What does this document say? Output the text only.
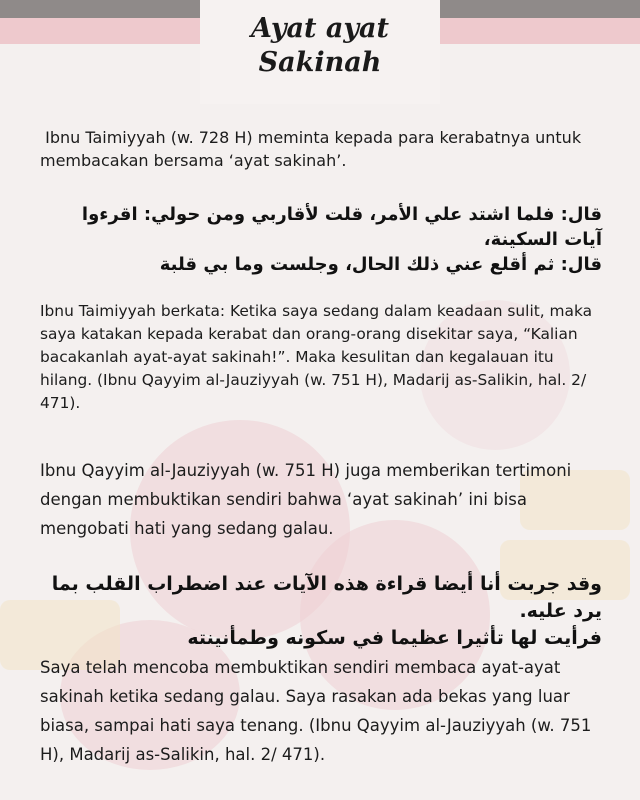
Ayat ayat
Sakinah

Ibnu Taimiyyah (w. 728 H) meminta kepada para kerabatnya untuk membacakan bersama ‘ayat sakinah’.

قال: فلما اشتد علي الأمر، قلت لأقاربي ومن حولي: اقرءوا آيات السكينة،
قال: ثم أقلع عني ذلك الحال، وجلست وما بي قلبة

Ibnu Taimiyyah berkata: Ketika saya sedang dalam keadaan sulit, maka saya katakan kepada kerabat dan orang-orang disekitar saya, “Kalian bacakanlah ayat-ayat sakinah!”. Maka kesulitan dan kegalauan itu hilang. (Ibnu Qayyim al-Jauziyyah (w. 751 H), Madarij as-Salikin, hal. 2/ 471).

Ibnu Qayyim al-Jauziyyah (w. 751 H) juga memberikan tertimoni dengan membuktikan sendiri bahwa ‘ayat sakinah’ ini bisa mengobati hati yang sedang galau.

وقد جربت أنا أيضا قراءة هذه الآيات عند اضطراب القلب بما يرد عليه.
فرأيت لها تأثيرا عظيما في سكونه وطمأنينته

Saya telah mencoba membuktikan sendiri membaca ayat-ayat sakinah ketika sedang galau. Saya rasakan ada bekas yang luar biasa, sampai hati saya tenang. (Ibnu Qayyim al-Jauziyyah (w. 751 H), Madarij as-Salikin, hal. 2/ 471).
